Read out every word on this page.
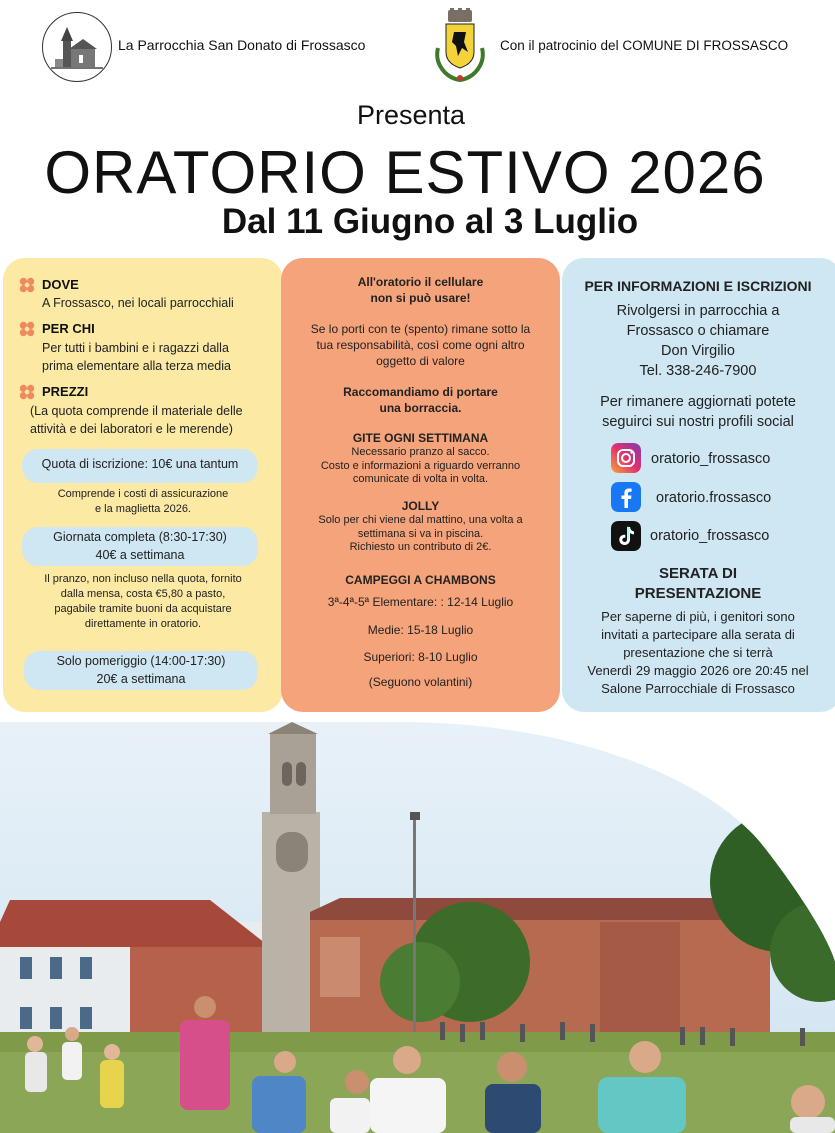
La Parrocchia San Donato di Frossasco	Con il patrocinio del COMUNE DI FROSSASCO
Presenta
ORATORIO ESTIVO 2026
Dal 11 Giugno al 3 Luglio
DOVE
A Frossasco, nei locali parrocchiali
PER CHI
Per tutti i bambini e i ragazzi dalla
prima elementare alla terza media
PREZZI
(La quota comprende il materiale delle
attività e dei laboratori e le merende)
Quota di iscrizione: 10€ una tantum
Comprende i costi di assicurazione
e la maglietta 2026.
Giornata completa (8:30-17:30)
40€ a settimana
Il pranzo, non incluso nella quota, fornito
dalla mensa, costa €5,80 a pasto,
pagabile tramite buoni da acquistare
direttamente in oratorio.
Solo pomeriggio (14:00-17:30)
20€ a settimana
All'oratorio il cellulare
non si può usare!
Se lo porti con te (spento) rimane sotto la
tua responsabilità, così come ogni altro
oggetto di valore
Raccomandiamo di portare
una borraccia.
GITE OGNI SETTIMANA
Necessario pranzo al sacco.
Costo e informazioni a riguardo verranno
comunicate di volta in volta.
JOLLY
Solo per chi viene dal mattino, una volta a
settimana si va in piscina.
Richiesto un contributo di 2€.
CAMPEGGI A CHAMBONS
3ª-4ª-5ª Elementare: : 12-14 Luglio
Medie: 15-18 Luglio
Superiori: 8-10 Luglio
(Seguono volantini)
PER INFORMAZIONI E ISCRIZIONI
Rivolgersi in parrocchia a
Frossasco o chiamare
Don Virgilio
Tel. 338-246-7900
Per rimanere aggiornati potete
seguirci sui nostri profili social
oratorio_frossasco
oratorio.frossasco
oratorio_frossasco
SERATA DI
PRESENTAZIONE
Per saperne di più, i genitori sono
invitati a partecipare alla serata di
presentazione che si terrà
Venerdì 29 maggio 2026 ore 20:45 nel
Salone Parrocchiale di Frossasco
